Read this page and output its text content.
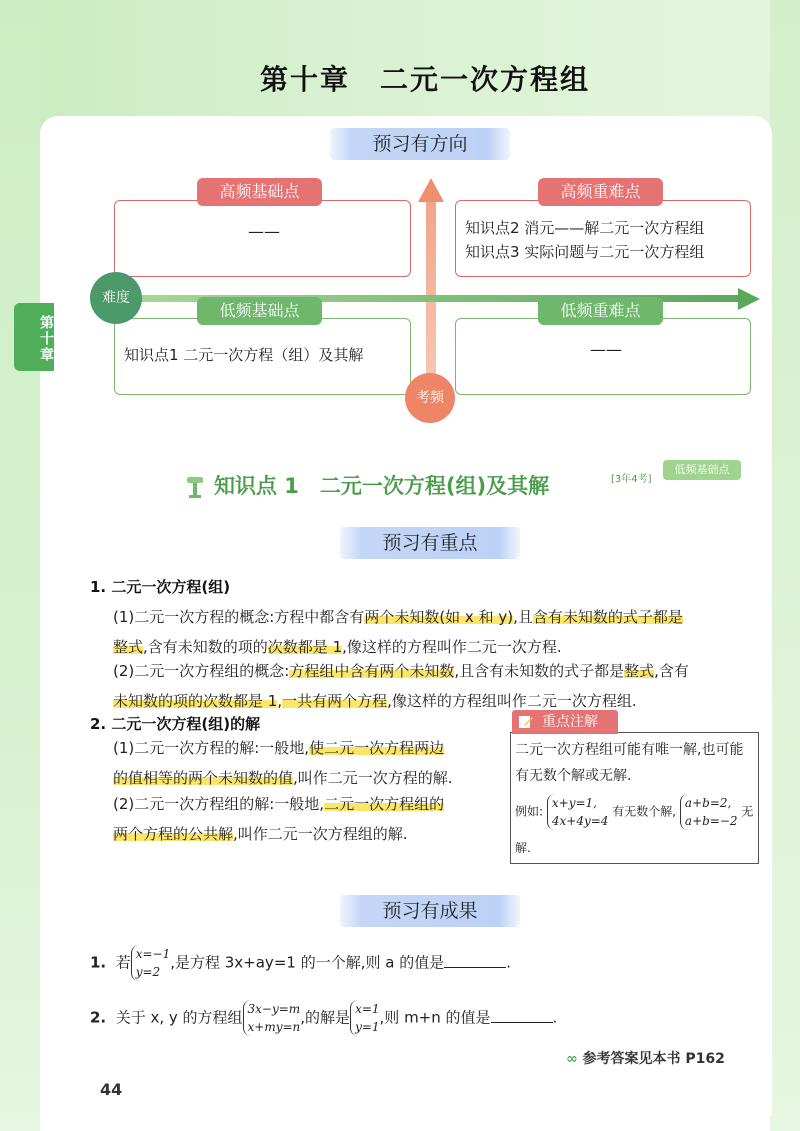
第十章　二元一次方程组
第十章
预习有方向
高频基础点
——
高频重难点
知识点2 消元——解二元一次方程组
知识点3 实际问题与二元一次方程组
低频基础点
知识点1 二元一次方程（组）及其解
低频重难点
——
难度
考频
知识点 1　二元一次方程(组)及其解	[3年4考]
低频基础点
预习有重点
1. 二元一次方程(组)
(1)二元一次方程的概念:方程中都含有两个未知数(如 x 和 y),且含有未知数的式子都是
整式,含有未知数的项的次数都是 1,像这样的方程叫作二元一次方程.
(2)二元一次方程组的概念:方程组中含有两个未知数,且含有未知数的式子都是整式,含有
未知数的项的次数都是 1,一共有两个方程,像这样的方程组叫作二元一次方程组.
2. 二元一次方程(组)的解
(1)二元一次方程的解:一般地,使二元一次方程两边
的值相等的两个未知数的值,叫作二元一次方程的解.
(2)二元一次方程组的解:一般地,二元一次方程组的
两个方程的公共解,叫作二元一次方程组的解.
重点注解
二元一次方程组可能有唯一解,也可能
有无数个解或无解.
例如: x+y=1,
4x+4y=4 有无数个解, a+b=2,
a+b=−2 无
解.
预习有成果
1. 若 x=−1
y=2,是方程 3x+ay=1 的一个解,则 a 的值是	.
2. 关于 x, y 的方程组 3x−y=m
x+my=n,的解是 x=1
y=1,则 m+n 的值是	.
∞ 参考答案见本书 P162
44
